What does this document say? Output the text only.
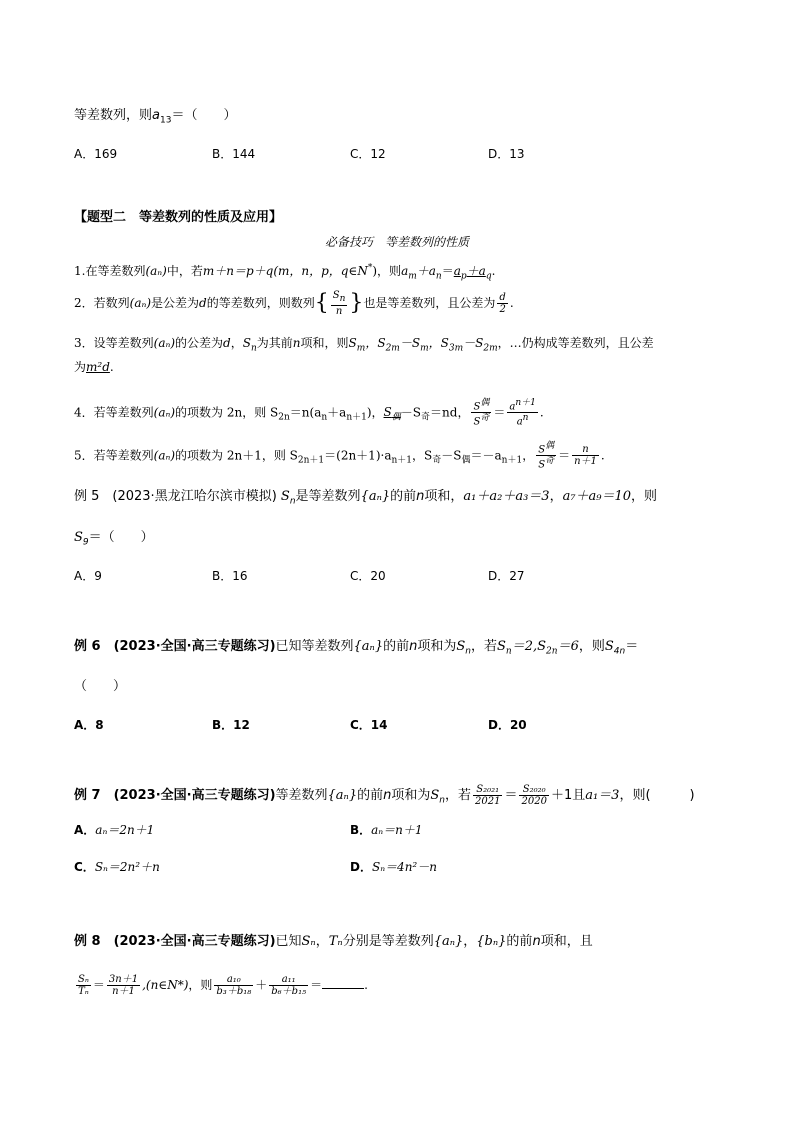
等差数列，则$a_{13}=$（　　）
A．169	B．144	C．12	D．13
【题型二　等差数列的性质及应用】
必备技巧　等差数列的性质
1.在等差数列(aₙ)中，若m＋n＝p＋q(m，n，p，q∈N*)，则$a_m+a_n=a_p+a_q$.
2．若数列(aₙ)是公差为d的等差数列，则数列{ $\frac{S_n}{n}$ }也是等差数列，且公差为 $\frac{d}{2}$ .
3．设等差数列(aₙ)的公差为d，$S_n$为其前n项和，则$S_m$，$S_{2m}-S_m$，$S_{3m}-S_{2m}$，…仍构成等差数列，且公差
为m²d.
4．若等差数列(aₙ)的项数为 2n，则 $S_{2n}=n(a_n+a_{n+1})$，$S_偶-S_奇=nd$， $\frac{S^偶}{S^奇} = \frac{a^{n+1}}{a^n}$ .
5．若等差数列(aₙ)的项数为 2n＋1，则 $S_{2n+1}=(2n+1)\cdot a_{n+1}$，$S_奇-S_偶=-a_{n+1}$， $\frac{S^偶}{S^奇} = \frac{n}{n+1}$ .
例 5　(2023·黑龙江哈尔滨市模拟) $S_n$是等差数列{aₙ}的前n项和，a₁＋a₂＋a₃＝3，a₇＋a₉＝10，则
$S_9=$（　　）
A．9	B．16	C．20	D．27
例 6　(2023·全国·高三专题练习)已知等差数列{aₙ}的前n项和为$S_n$，若$S_n=2,S_{2n}=6$，则$S_{4n}=$
（　　）
A．8	B．12	C．14	D．20
例 7　(2023·全国·高三专题练习)等差数列{aₙ}的前n项和为$S_n$，若 $\frac{\text{S₂₀₂₁}}{2021} = \frac{\text{S₂₀₂₀}}{2020} +1$且a₁＝3，则(　　　)
A．aₙ＝2n＋1	B．aₙ＝n＋1
C．Sₙ＝2n²＋n	D．Sₙ＝4n²－n
例 8　(2023·全国·高三专题练习)已知Sₙ，Tₙ分别是等差数列{aₙ}，{bₙ}的前n项和，且
$\frac{\text{Sₙ}}{\text{Tₙ}} = \frac{3n+1}{n+1}$ ,(n∈N*)，则 $\frac{\text{a₁₀}}{\text{b₃＋b₁₈}} + \frac{\text{a₁₁}}{\text{b₆＋b₁₅}}$ ＝	.
